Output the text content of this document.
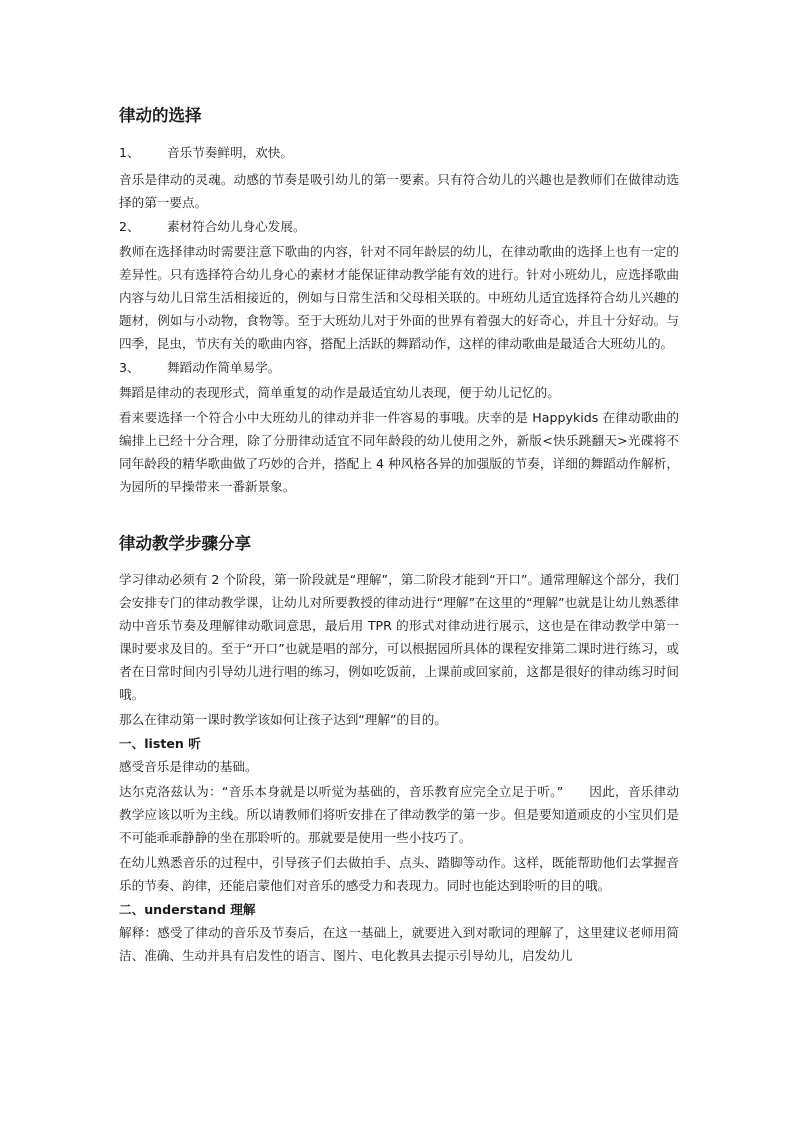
律动的选择
1、	音乐节奏鲜明，欢快。

音乐是律动的灵魂。动感的节奏是吸引幼儿的第一要素。只有符合幼儿的兴趣也是教师们在做律动选择的第一要点。

2、	素材符合幼儿身心发展。

教师在选择律动时需要注意下歌曲的内容，针对不同年龄层的幼儿，在律动歌曲的选择上也有一定的差异性。只有选择符合幼儿身心的素材才能保证律动教学能有效的进行。针对小班幼儿，应选择歌曲内容与幼儿日常生活相接近的，例如与日常生活和父母相关联的。中班幼儿适宜选择符合幼儿兴趣的题材，例如与小动物，食物等。至于大班幼儿对于外面的世界有着强大的好奇心，并且十分好动。与四季，昆虫，节庆有关的歌曲内容，搭配上活跃的舞蹈动作，这样的律动歌曲是最适合大班幼儿的。

3、	舞蹈动作简单易学。

舞蹈是律动的表现形式，简单重复的动作是最适宜幼儿表现，便于幼儿记忆的。

看来要选择一个符合小中大班幼儿的律动并非一件容易的事哦。庆幸的是 Happykids 在律动歌曲的编排上已经十分合理，除了分册律动适宜不同年龄段的幼儿使用之外，新版<快乐跳翻天>光碟将不同年龄段的精华歌曲做了巧妙的合并，搭配上 4 种风格各异的加强版的节奏，详细的舞蹈动作解析，为园所的早操带来一番新景象。

律动教学步骤分享

学习律动必须有 2 个阶段，第一阶段就是“理解”，第二阶段才能到“开口”。通常理解这个部分，我们会安排专门的律动教学课，让幼儿对所要教授的律动进行“理解”在这里的“理解”也就是让幼儿熟悉律动中音乐节奏及理解律动歌词意思，最后用 TPR 的形式对律动进行展示，这也是在律动教学中第一课时要求及目的。至于“开口”也就是唱的部分，可以根据园所具体的课程安排第二课时进行练习，或者在日常时间内引导幼儿进行唱的练习，例如吃饭前，上课前或回家前，这都是很好的律动练习时间哦。

那么在律动第一课时教学该如何让孩子达到“理解”的目的。

一、listen 听

感受音乐是律动的基础。

达尔克洛兹认为：“音乐本身就是以听觉为基础的，音乐教育应完全立足于听。”　　因此，音乐律动教学应该以听为主线。所以请教师们将听安排在了律动教学的第一步。但是要知道顽皮的小宝贝们是不可能乖乖静静的坐在那聆听的。那就要是使用一些小技巧了。

在幼儿熟悉音乐的过程中，引导孩子们去做拍手、点头、踏脚等动作。这样，既能帮助他们去掌握音乐的节奏、韵律，还能启蒙他们对音乐的感受力和表现力。同时也能达到聆听的目的哦。

二、understand 理解

解释：感受了律动的音乐及节奏后，在这一基础上，就要进入到对歌词的理解了，这里建议老师用简洁、准确、生动并具有启发性的语言、图片、电化教具去提示引导幼儿，启发幼儿
